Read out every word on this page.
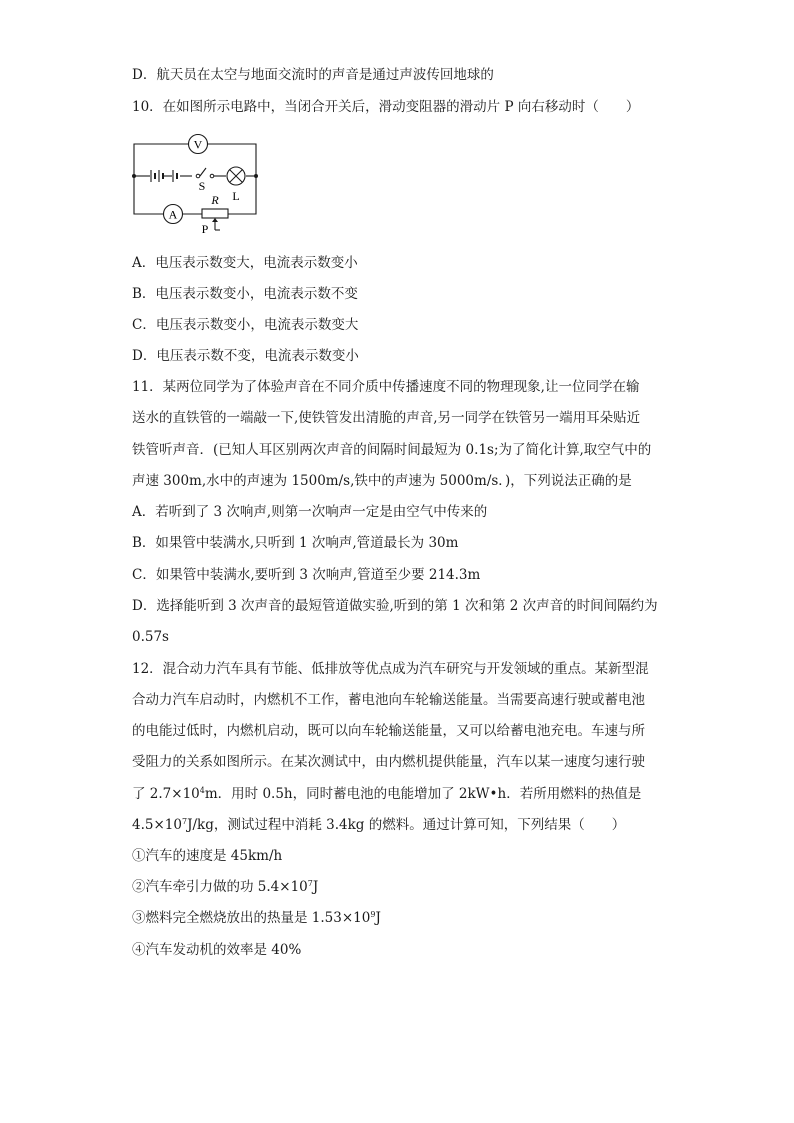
D．航天员在太空与地面交流时的声音是通过声波传回地球的
10．在如图所示电路中，当闭合开关后，滑动变阻器的滑动片 P 向右移动时（　　）
V
S
L
A
R
P
A．电压表示数变大，电流表示数变小
B．电压表示数变小，电流表示数不变
C．电压表示数变小，电流表示数变大
D．电压表示数不变，电流表示数变小
11．某两位同学为了体验声音在不同介质中传播速度不同的物理现象,让一位同学在输
送水的直铁管的一端敲一下,使铁管发出清脆的声音,另一同学在铁管另一端用耳朵贴近
铁管听声音．(已知人耳区别两次声音的间隔时间最短为 0.1s;为了简化计算,取空气中的
声速 300m,水中的声速为 1500m/s,铁中的声速为 5000m/s．)，下列说法正确的是
A．若听到了 3 次响声,则第一次响声一定是由空气中传来的
B．如果管中装满水,只听到 1 次响声,管道最长为 30m
C．如果管中装满水,要听到 3 次响声,管道至少要 214.3m
D．选择能听到 3 次声音的最短管道做实验,听到的第 1 次和第 2 次声音的时间间隔约为
0.57s
12．混合动力汽车具有节能、低排放等优点成为汽车研究与开发领域的重点。某新型混
合动力汽车启动时，内燃机不工作，蓄电池向车轮输送能量。当需要高速行驶或蓄电池
的电能过低时，内燃机启动，既可以向车轮输送能量，又可以给蓄电池充电。车速与所
受阻力的关系如图所示。在某次测试中，由内燃机提供能量，汽车以某一速度匀速行驶
了 $2.7\times 10^4m$．用时 0.5h，同时蓄电池的电能增加了 2kW•h．若所用燃料的热值是
$4.5\times 10^7J/kg$，测试过程中消耗 3.4kg 的燃料。通过计算可知，下列结果（　　）
①汽车的速度是 45km/h
②汽车牵引力做的功 $5.4\times 10^7J$
③燃料完全燃烧放出的热量是 $1.53\times 10^9J$
④汽车发动机的效率是 40%
